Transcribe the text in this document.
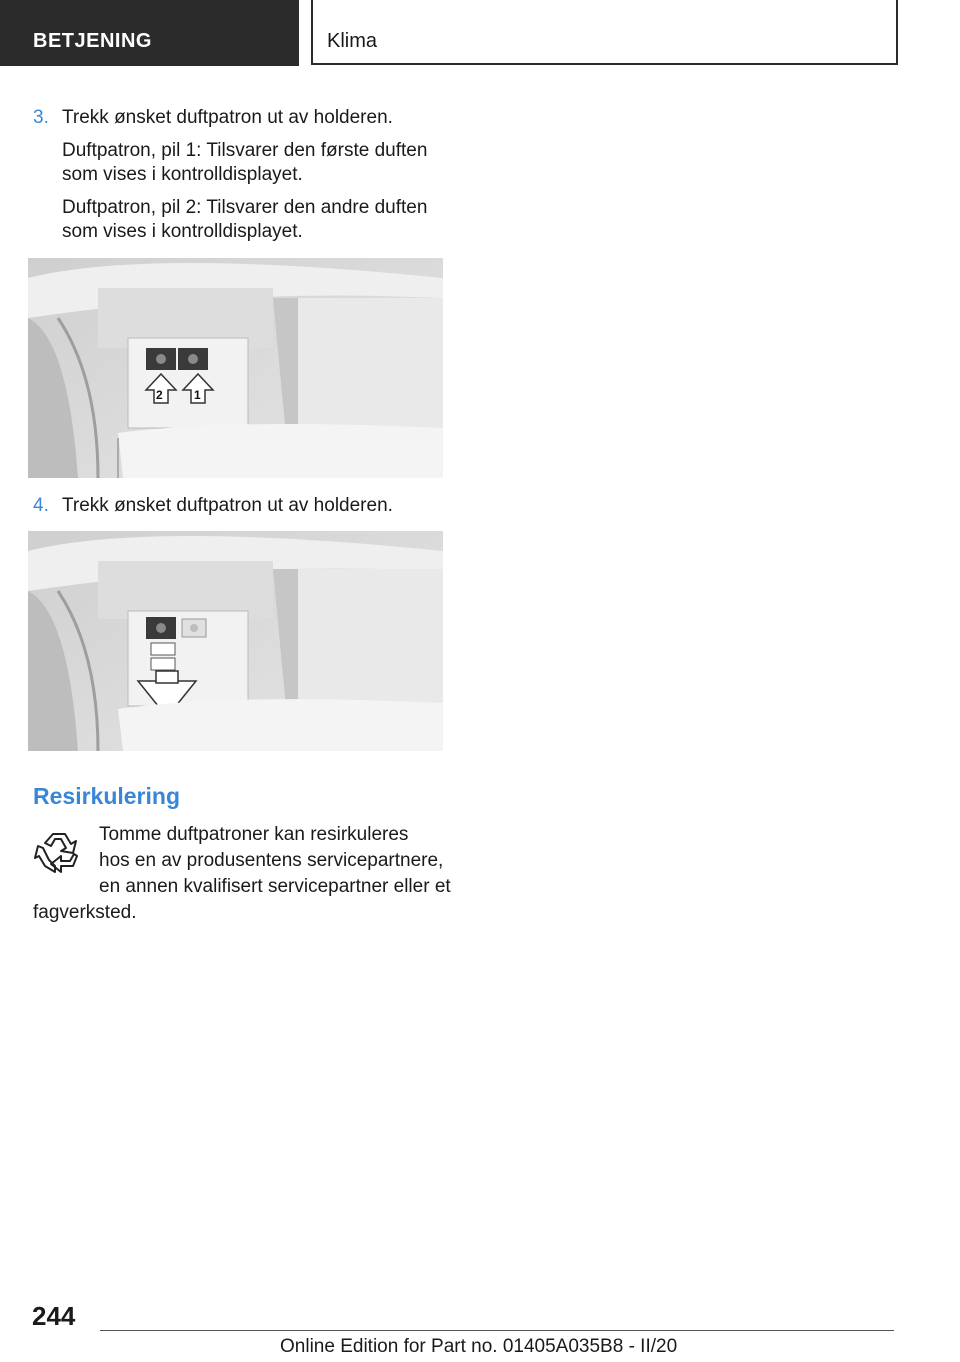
BETJENING	Klima
3. Trekk ønsket duftpatron ut av holderen.
Duftpatron, pil 1: Tilsvarer den første duften
som vises i kontrolldisplayet.
Duftpatron, pil 2: Tilsvarer den andre duften
som vises i kontrolldisplayet.
2	1
4. Trekk ønsket duftpatron ut av holderen.
Resirkulering
Tomme duftpatroner kan resirkuleres
hos en av produsentens servicepartnere,
en annen kvalifisert servicepartner eller et
fagverksted.
244
Online Edition for Part no. 01405A035B8 - II/20
